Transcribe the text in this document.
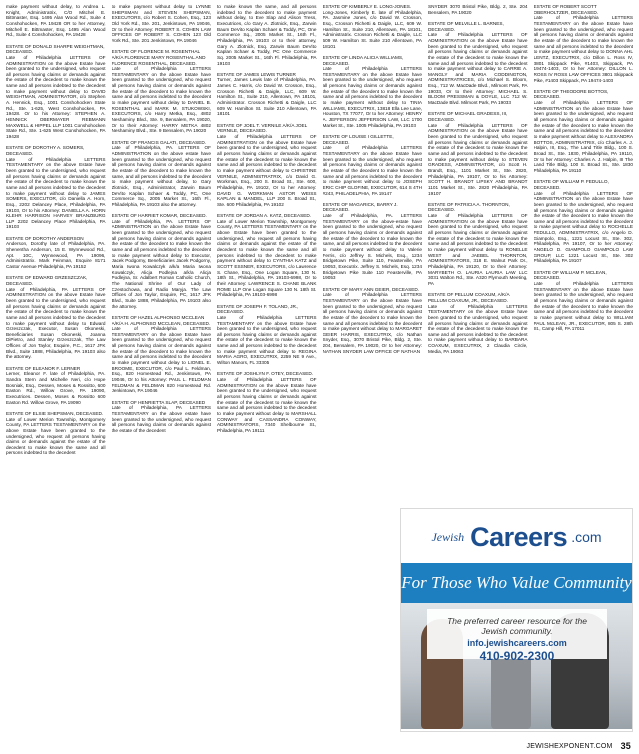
make payment without delay, to Andrea L. Knight, Administratrix, C/O Mitchel E. Bittmaster, Esq. 1495 Alan Wood Rd., Suite 4 Conshohocken, PA 19428 OR to her Attorney, Mitchell E. Bittmaster, Esq. 1495 Alan Wood Rd., Suite 4 Conshohocken, PA 19428

ESTATE OF DONALD SHARPE WEIGHTMAN, DECEASED.

Late of Philadelphia LETTERS OF ADMINISTRATION on the above Estate have been granted to the undersigned, who request all persons having claims or demands against the estate of the decedent to make known the same and all persons indebted to the decedent to make payment without delay to DAVID WEIGHTMAN, ADMINISTRATOR, c/o Stephen A. Hennick, Esq., 1001 Conshohocken State Rd., Ste. 1-625, West Conshohocken, PA 19428. Or to his Attorney: STEPHEN A. HENNICK OBERMAYER REBMANN MAXWELL & HIPPEL LLP 1001 Conshohocken State Rd., Ste. 1-625 West Conshohocken, PA 19428

ESTATE OF DOROTHY A. SOMERS, DECEASED.

Late of Philadelphia LETTERS TESTAMENTARY on the above Estate have been granted to the undersigned, who request all persons having claims or demands against the estate of the decedent to make known the same and all persons indebted to the decedent to make payment without delay to JAMES SOMERS, EXECUTOR, c/o Daniella A. Horn, Esq., 2202 Delancey Place, Philadelphia, PA 19103, Or to his Attorney: DANIELLA A. HORN KLEHR HARRISON HARVEY BRANZBURG LLP 2202 Delancey Place Philadelphia, PA 19103

ESTATE OF DOROTHY ANDERSON

Anderson, Dorothy late of Philadelphia, PA. Shenentha Anderson, 15 E. Wynnewood Rd., Apt. 10C, Wynnewood, PA 19096, Administratrix. Mark Feinman, Esquire 8171 Castor Avenue Philadelphia, PA 19152

ESTATE OF EDWARD GRZESZCZAK, DECEASED.

Late of Philadelphia, PA LETTERS OF ADMINISTRATION on the above Estate have been granted to the undersigned, who request all persons having claims or demands against the estate of the decedent to make known the same and all persons indebted to the decedent to make payment without delay to Edward Grzeszczak, Executor, Susan Okoneski, Beneficiaries Susan Okoneski, Joanna DiPietro, and Stanley Grzeszczak, The Law Offices of Jon Taylor, Esquire, P.C., 1617 JFK Blvd., Suite 1888, Philadelphia, PA 19103 also the attorney.

ESTATE OF ELEANOR F. LERNER

Lerner, Eleanor F. late of Philadelphia, PA. Sandra Stern and Michelle Neri, c/o Hope Bosniak, Esq., Dessen, Moses & Rossitto, 600 Easton Rd., Willow Grove, PA 19090, Executrices. Dessen, Moses & Rossitto 600 Easton Rd. Willow Grove, PA 19090

ESTATE OF ELSIE SHEPSMAN, DECEASED.

Late of Lower Merion Township, Montgomery County, PA LETTERS TESTAMENTARY on the above Estate have been granted to the undersigned, who request all persons having claims or demands against the estate of the decedent to make known the same and all persons indebted to the decedent

to make payment without delay to LYNNE SHEPSMAN and STEVEN SHEPSMAN, EXECUTORS, c/o Robert S. Cohen, Esq., 123 Old York Rd., Ste. 201, Jenkintown, PA 19046, Or to their Attorney: ROBERT S. COHEN LAW OFFICES OF ROBERT S. COHEN 123 Old York Rd., Ste. 201 Jenkintown, PA 19046

ESTATE OF FLORENCE M. ROSENTHAL A/K/A FLORENCE MARY ROSENTHAL AND FLORENCE ROSENTHAL, DECEASED.

Late of Philadelphia LETTERS TESTAMENTARY on the above Estate have been granted to the undersigned, who request all persons having claims or demands against the estate of the decedent to make known the same and all persons indebted to the decedent to make payment without delay to DANIEL B. ROSENTHAL and MARK M. STUKOWSKI, EXECUTORS, c/o Harry Metka, Esq., 4802 Neshaminy Blvd., Ste. 9, Bensalem, PA 19020, Or to their Attorney: HARRY METKA 4802 Neshaminy Blvd., Ste. 9 Bensalem, PA 19020

ESTATE OF FRANCIS GALATI, DECEASED.

Late of Philadelphia, PA. LETTERS OF ADMINISTRATION on the above estate have been granted to the undersigned, who request all persons having claims or demands against the estate of the decedent to make known the same, and all persons indebted to the decedent to make payment without delay, to Gary Zlotnick, Esq., Administrator, Zarwin Baum DeVito Kaplan Schaer & Toddy, PC, One Commerce Sq., 2005 Market St., 16th Fl., Philadelphia, PA 19103 also the attorney.

ESTATE OF HARRIET KOMAR, DECEASED.

Late of Philadelphia, PA. LETTERS OF ADMINISTRATION on the above Estate have been granted to the undersigned, who request all persons having claims or demands against the estate of the decedent to make known the same and all persons indebted to the decedent to make payment without delay to Executor, Jacek Podgorny, Beneficiaries Jacek Podgorny, Maria Iwona Kowalczyk a/k/a Maria Iwona Kowalczyk, Alicja Podlejna a/k/a Alicja Podlejna, Sr. Adalbert Roman Catholic Church, The National Shrine of Our Lady of Czestochowa, and Radio Maryja. The Law Offices of Jon Taylor, Esquire, PC, 1617 JFK Blvd., Suite 1888, Philadelphia, PA 19103 also the attorney.

ESTATE OF HAZEL ALPHONSO MCCLEAN A/K/A H. ALPHONSO MCCLEAN, DECEASED.

Late of Philadelphia LETTERS TESTAMENTARY on the above Estate have been granted to the undersigned, who request all persons having claims or demands against the estate of the decedent to make known the same and all persons indebted to the decedent to make payment without delay to LIONEL E. BROOME, EXECUTOR, c/o Paul L. Feldman, Esq., 820 Homestead Rd., Jenkintown, PA 19046, Or to his Attorney: PAUL L. FELDMAN FELDMAN & FELDMAN 820 Homestead Rd. Jenkintown, PA 19046

ESTATE OF HENRIETTA SLAP, DECEASED

Late of Philadelphia, PA LETTERS TESTAMENTARY on the above estate have been granted to the undersigned, who request all persons having claims or demands against the estate of the decedent

to make known the same, and all persons indebted to the decedent to make payment without delay, to Eve Slap and Alison Tress, Executrices, c/o Gary A. Zlotnick, Esq., Zarwin Baum DeVito Kaplan Schaer & Toddy, PC, One Commerce Sq., 2005 Market St., 16th Fl., Philadelphia, PA 19103 or to their attorney, Gary A. Zlotnick, Esq. Zarwin Baum DeVito Kaplan Schaer & Toddy, PC One Commerce Sq. 2005 Market St., 16th Fl. Philadelphia, PA 19103

ESTATE OF JAMES LEWIS TURNER

Turner, James Lewis late of Philadelphia, PA. James C. Harris, c/o David W. Crosson, Esq., Crosson Richetti & Daigle, LLC, 609 W. Hamilton St., Suite 210, Allentown, PA 18101, Administrator. Crosson Richetti & Daigle, LLC 609 W. Hamilton St. Suite 210 Allentown, PA 18101

ESTATE OF JOEL T. VERNILE A/K/A JOEL VERNILE, DECEASED.

Late of Philadelphia LETTERS OF ADMINISTRATION on the above Estate have been granted to the undersigned, who request all persons having claims or demands against the estate of the decedent to make known the same and all persons indebted to the decedent to make payment without delay to CHRISTINE VERNILE, ADMINISTRATRIX, c/o David G. Workman, Esq., 200 S. Broad St., Ste. 600, Philadelphia, PA 19102, Or to her Attorney: DAVID G. WORKMAN ASTOR WEISS KAPLAN & MANDEL, LLP 200 S. Broad St., Ste. 600 Philadelphia, PA 19102

ESTATE OF JORDAN A. KATZ, DECEASED.

Late of Lower Merion Township, Montgomery County, PA LETTERS TESTAMENTARY on the above Estate have been granted to the undersigned, who request all persons having claims or demands against the estate of the decedent to make known the same and all persons indebted to the decedent to make payment without delay to CYNTHIA KATZ and SCOTT ESSNER, EXECUTORS, c/o Lawrence S. Chane, Esq., One Logan Square, 130 N. 18th St., Philadelphia, PA 19103-6998, Or to their Attorney: LAWRENCE S. CHANE BLANK ROME LLP One Logan Square 130 N. 18th St. Philadelphia, PA 19103-6998

ESTATE OF JOSEPH F. TOLAND, JR., DECEASED.

Late of Philadelphia LETTERS TESTAMENTARY on the above Estate have been granted to the undersigned, who request all persons having claims or demands against the estate of the decedent to make known the same and all persons indebted to the decedent to make payment without delay to REGINA MARIA AGRO, EXECUTRIX, 2259 NE 9 Ave., Wilton Manors, FL 33305

ESTATE OF JOSHLYN F. OTEY, DECEASED.

Late of Philadelphia LETTERS OF ADMINISTRATION on the above Estate have been granted to the undersigned, who request all persons having claims or demands against the estate of the decedent to make known the same and all persons indebted to the decedent to make payment without delay to MARSHALL CONWAY and CASSANDRA CONWAY, ADMINISTRATORS, 7340 Shelbourne St., Philadelphia, PA 19111

ESTATE OF KIMBERLY E. LONG-JONES.

Long-Jones, Kimberly E. late of Philadelphia, PA. Jasmine Jones, c/o David W. Crosson, Esq., Crosson Richetti & Daigle, LLC, 609 W. Hamilton St., Suite 210, Allentown, PA 18101, Administratrix. Crosson Richetti & Daigle, LLC 609 W. Hamilton St. Suite 210 Allentown, PA 18101

ESTATE OF LINDA ALICIA WILLIAMS, DECEASED.

Late of Philadelphia LETTERS TESTAMENTARY on the above Estate have been granted to the undersigned, who request all persons having claims or demands against the estate of the decedent to make known the same and all persons indebted to the decedent to make payment without delay to TINIA WILLIAMS, EXECUTRIX, 13818 Ella Lee Lane, Houston, TX 77077, Or to her Attorney: HENRY A. JEFFERSON JEFFERSON LAW, LLC 1700 Market St., Ste. 1005 Philadelphia, PA 19103

ESTATE OF LOUISE I GILLETTE, DECEASED.

Late of Philadelphia LETTERS TESTAMENTARY on the above Estate have been granted to the undersigned, who request all persons having claims or demands against the estate of the decedent to make known the same and all persons indebted to the decedent to make payment without delay to JOSEPH ERIC CHIP GLOFINE, EXECUTOR, 614 S 4TH #243, PHILADELPHIA, PA 19147

ESTATE OF MAGARICK, BARRY J. DECEASED.

Late of Philadelphia, PA. LETTERS TESTAMENTARY on the above-estate have been granted to the undersigned, who request all persons having claims or demands against the estate of the decedent to make known the same, and all persons indebted to the decedent to make payment without delay to Valerie Ferris, c/o Jeffrey S. Michels, Esq., 1234 Bridgetown Pike, Suite 110, Feasterville, PA 19053, Executrix. Jeffrey S. Michels, Esq. 1234 Bridgetown Pike Suite 110 Feasterville, PA 19053

ESTATE OF MARY ANN GEIER, DECEASED.

Late of Philadelphia LETTERS TESTAMENTARY on the above Estate have been granted to the undersigned, who request all persons having claims or demands against the estate of the decedent to make known the same and all persons indebted to the decedent to make payment without delay to MARGARET GEIER HARRIS, EXECUTRIX, c/o Nathan Snyder, Esq., 3070 Bristol Pike, Bldg. 2, Ste. 204, Bensalem, PA 19020, Or to her Attorney: NATHAN SNYDER LAW OFFICE OF NATHAN

SNYDER 3070 Bristol Pike, Bldg. 2, Ste. 204 Bensalem, PA 19020

ESTATE OF MELVILLE L. BARNES, DECEASED.

Late of Philadelphia LETTERS OF ADMINISTRATION on the above Estate have been granted to the undersigned, who request all persons having claims or demands against the estate of the decedent to make known the same and all persons indebted to the decedent to make payment without delay to CARRIE A. MANGLY and MARIA CODDINGTON, ADMINISTRATRICES, c/o Michael S. Bloom, Esq., 712 W. MacDade Blvd., Milmont Park, PA 19033, Or to their Attorney: MICHAEL S. BLOOM PRESSMAN & DOYLE, LLC 712 W. MacDade Blvd. Milmont Park, PA 19033

ESTATE OF MICHAEL GRADESS, III, DECEASED.

Late of Philadelphia LETTERS OF ADMINISTRATION on the above Estate have been granted to the undersigned, who request all persons having claims or demands against the estate of the decedent to make known the same and all persons indebted to the decedent to make payment without delay to STEVEN GRADESS, ADMINISTRATOR, c/o Scott H. Brandt, Esq., 1101 Market St., Ste. 2820, Philadelphia, PA 19107, Or to his Attorney: SCOTT H. BRANDT LIPSKY AND BRANDT 1101 Market St., Ste. 2820 Philadelphia, PA 19107

ESTATE OF PATRICIA A. THORNTON, DECEASED.

Late of Philadelphia LETTERS OF ADMINISTRATION on the above Estate have been granted to the undersigned, who request all persons having claims or demands against the estate of the decedent to make known the same and all persons indebted to the decedent to make payment without delay to RONELLE WEST and JAEBEL THORNTON, ADMINISTRATORS, 318 E. Walnut Park Dr., Philadelphia, PA 19120, Or to their Attorney: MARYBETH O. LAURIA LAURIA LAW LLC 3031 Walton Rd., Ste. A320 Plymouth Meeting, PA

ESTATE OF PELLUM COAXUM, A/K/A PELLUM COAXUM, JR., DECEASED.

Late of Philadelphia LETTERS TESTAMENTARY on the above Estate have been granted to the undersigned, who request all persons having claims or demands against the estate of the decedent to make known the same and all persons indebted to the decedent to make payment without delay to BARBARA COAXUM, EXECUTRIX, 2 Claudia Circle, Media, PA 19063

ESTATE OF ROBERT SCOTT OBERHOLTZER, DECEASED.

Late of Philadelphia LETTERS TESTAMENTARY on the above Estate have been granted to the undersigned, who request all persons having claims or demands against the estate of the decedent to make known the same and all persons indebted to the decedent to make payment without delay to DONNA AHL LENTZ, EXECUTRIX, c/o Dillon L. Ross IV, 3801 Skippack Pike, #1403, Skippack, PA 19474-1403, Or to her Attorney: DILLON L. ROSS IV ROSS LAW OFFICES 3801 Skippack Pike, #1403 Skippack, PA 19474-1403

ESTATE OF THEODORE BOTTOS, DECEASED.

Late of Philadelphia LETTERS OF ADMINISTRATION on the above Estate have been granted to the undersigned, who request all persons having claims or demands against the estate of the decedent to make known the same and all persons indebted to the decedent to make payment without delay to ALEXANDRA BOTTOS, ADMINISTRATRIX, c/o Charles A. J. Halpin, III, Esq., The Land Title Bldg., 100 S. Broad St., Ste. 1830, Philadelphia, PA 19110, Or to her Attorney: Charles A. J. Halpin, III The Land Title Bldg. 100 S. Broad St., Ste. 1830 Philadelphia, PA 19110

ESTATE OF WILLIAM P. FEDULLO, DECEASED.

Late of Philadelphia LETTERS OF ADMINISTRATION on the above Estate have been granted to the undersigned, who request all persons having claims or demands against the estate of the decedent to make known the same and all persons indebted to the decedent to make payment without delay to ROCHELLE FEDULLO, ADMINISTRATRIX, c/o Angelo D. Giampolo, Esq., 1221 Locust St., Ste. 302, Philadelphia, PA 19107, Or to her Attorney: ANGELO D. GIAMPOLO GIAMPOLO LAW GROUP, LLC 1221 Locust St., Ste. 302 Philadelphia, PA 19107

ESTATE OF WILLIAM P. MCLEAN, DECEASED.

Late of Philadelphia LETTERS TESTAMENTARY on the above Estate have been granted to the undersigned, who request all persons having claims or demands against the estate of the decedent to make known the same and all persons indebted to the decedent to make payment without delay to WILLIAM PAUL McLEAN, JR., EXECUTOR, 805 S. 28th St., Camp Hill, PA 17011

Jewish Careers .com
For Those Who Value Community
The preferred career resource for the
Jewish community.
info.jewishcareers.com
410-902-2300
JEWISHEXPONENT.COM 35
